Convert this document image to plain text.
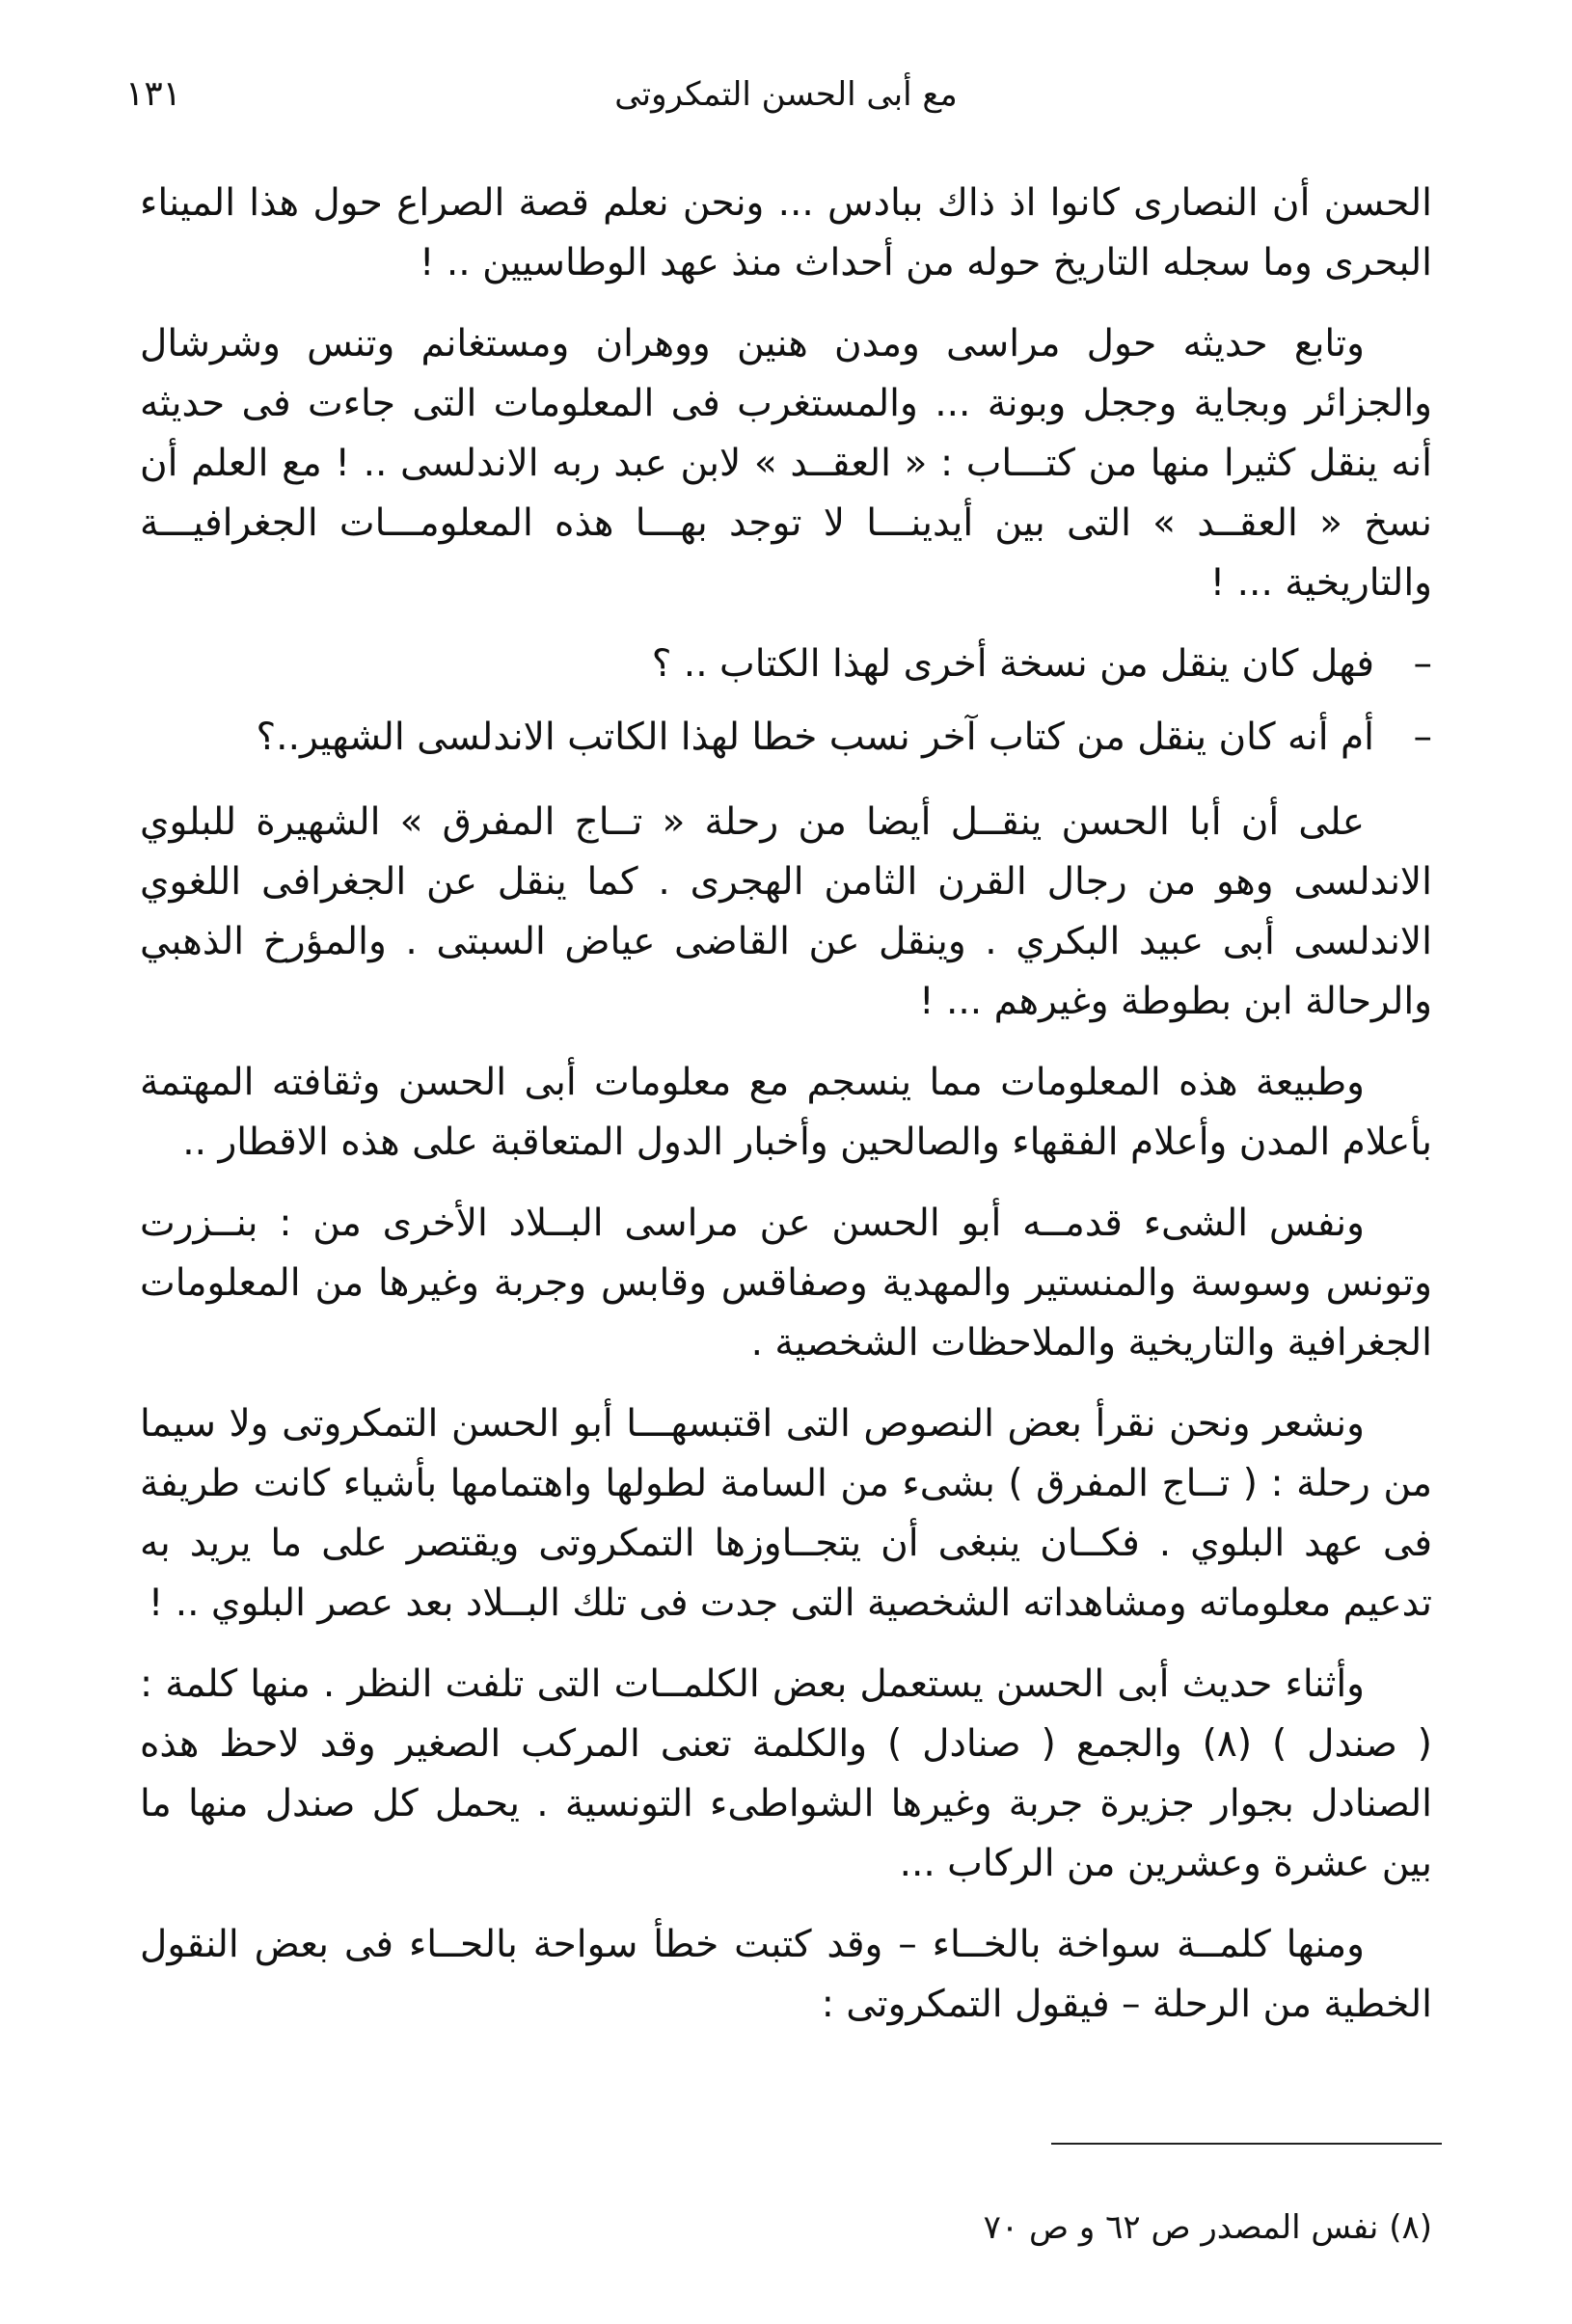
مع أبى الحسن التمكروتى
١٣١

الحسن أن النصارى كانوا اذ ذاك ببادس ... ونحن نعلم قصة الصراع حول هذا الميناء البحرى وما سجله التاريخ حوله من أحداث منذ عهد الوطاسيين .. !

وتابع حديثه حول مراسى ومدن هنين ووهران ومستغانم وتنس وشرشال والجزائر وبجاية وججل وبونة ... والمستغرب فى المعلومات التى جاءت فى حديثه أنه ينقل كثيرا منها من كتـــاب : « العقــد » لابن عبد ربه الاندلسى .. ! مع العلم أن نسخ « العقــد » التى بين أيدينـــا لا توجد بهـــا هذه المعلومـــات الجغرافيـــة والتاريخية ... !

–
فهل كان ينقل من نسخة أخرى لهذا الكتاب .. ؟

–
أم أنه كان ينقل من كتاب آخر نسب خطا لهذا الكاتب الاندلسى الشهير..؟

على أن أبا الحسن ينقــل أيضا من رحلة « تــاج المفرق » الشهيرة للبلوي الاندلسى وهو من رجال القرن الثامن الهجرى . كما ينقل عن الجغرافى اللغوي الاندلسى أبى عبيد البكري . وينقل عن القاضى عياض السبتى . والمؤرخ الذهبي والرحالة ابن بطوطة وغيرهم ... !

وطبيعة هذه المعلومات مما ينسجم مع معلومات أبى الحسن وثقافته المهتمة بأعلام المدن وأعلام الفقهاء والصالحين وأخبار الدول المتعاقبة على هذه الاقطار ..

ونفس الشىء قدمــه أبو الحسن عن مراسى البــلاد الأخرى من : بنــزرت وتونس وسوسة والمنستير والمهدية وصفاقس وقابس وجربة وغيرها من المعلومات الجغرافية والتاريخية والملاحظات الشخصية .

ونشعر ونحن نقرأ بعض النصوص التى اقتبسهـــا أبو الحسن التمكروتى ولا سيما من رحلة : ( تــاج المفرق ) بشىء من السامة لطولها واهتمامها بأشياء كانت طريفة فى عهد البلوي . فكــان ينبغى أن يتجــاوزها التمكروتى ويقتصر على ما يريد به تدعيم معلوماته ومشاهداته الشخصية التى جدت فى تلك البــلاد بعد عصر البلوي .. !

وأثناء حديث أبى الحسن يستعمل بعض الكلمــات التى تلفت النظر . منها كلمة : ( صندل ) (٨) والجمع ( صنادل ) والكلمة تعنى المركب الصغير وقد لاحظ هذه الصنادل بجوار جزيرة جربة وغيرها الشواطىء التونسية . يحمل كل صندل منها ما بين عشرة وعشرين من الركاب ...

ومنها كلمــة سواخة بالخــاء – وقد كتبت خطأ سواحة بالحــاء فى بعض النقول الخطية من الرحلة – فيقول التمكروتى :

(٨) نفس المصدر ص ٦٢ و ص ٧٠
